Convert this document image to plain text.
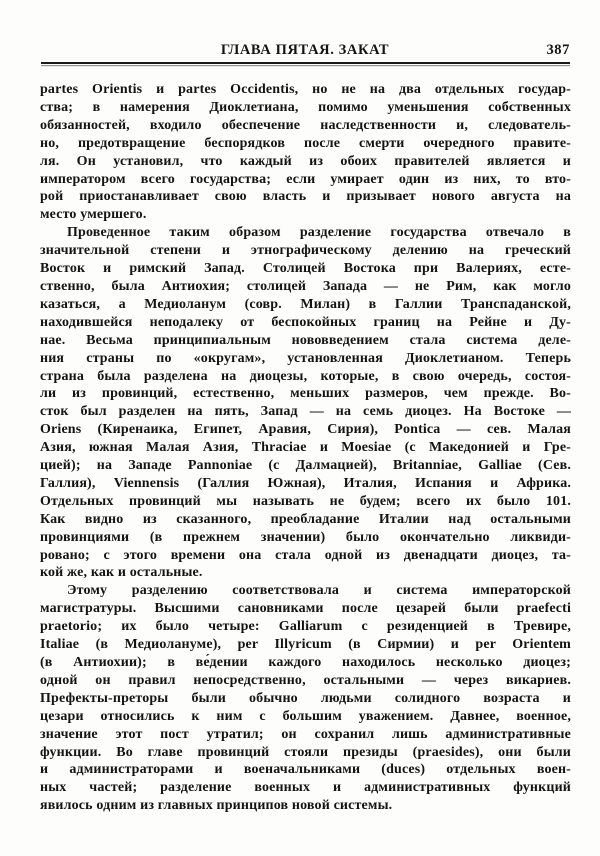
ГЛАВА ПЯТАЯ. ЗАКАТ	387
partes Orientis и partes Occidentis, но не на два отдельных государ-
ства; в намерения Диоклетиана, помимо уменьшения собственных
обязанностей, входило обеспечение наследственности и, следователь-
но, предотвращение беспорядков после смерти очередного правите-
ля. Он установил, что каждый из обоих правителей является и
императором всего государства; если умирает один из них, то вто-
рой приостанавливает свою власть и призывает нового августа на
место умершего.
Проведенное таким образом разделение государства отвечало в
значительной степени и этнографическому делению на греческий
Восток и римский Запад. Столицей Востока при Валериях, есте-
ственно, была Антиохия; столицей Запада — не Рим, как могло
казаться, а Медиоланум (совр. Милан) в Галлии Транспаданской,
находившейся неподалеку от беспокойных границ на Рейне и Ду-
нае. Весьма принципиальным нововведением стала система деле-
ния страны по «округам», установленная Диоклетианом. Теперь
страна была разделена на диоцезы, которые, в свою очередь, состоя-
ли из провинций, естественно, меньших размеров, чем прежде. Во-
сток был разделен на пять, Запад — на семь диоцез. На Востоке —
Oriens (Киренаика, Египет, Аравия, Сирия), Pontica — сев. Малая
Азия, южная Малая Азия, Thraciae и Moesiae (с Македонией и Гре-
цией); на Западе Pannoniae (с Далмацией), Britanniae, Galliae (Сев.
Галлия), Viennensis (Галлия Южная), Италия, Испания и Африка.
Отдельных провинций мы называть не будем; всего их было 101.
Как видно из сказанного, преобладание Италии над остальными
провинциями (в прежнем значении) было окончательно ликвиди-
ровано; с этого времени она стала одной из двенадцати диоцез, та-
кой же, как и остальные.
Этому разделению соответствовала и система императорской
магистратуры. Высшими сановниками после цезарей были praefecti
praetorio; их было четыре: Galliarum с резиденцией в Тревире,
Italiae (в Медиолануме), per Illyricum (в Сирмии) и per Orientem
(в Антиохии); в ве́дении каждого находилось несколько диоцез;
одной он правил непосредственно, остальными — через викариев.
Префекты-преторы были обычно людьми солидного возраста и
цезари относились к ним с большим уважением. Давнее, военное,
значение этот пост утратил; он сохранил лишь административные
функции. Во главе провинций стояли президы (praesides), они были
и администраторами и военачальниками (duces) отдельных воен-
ных частей; разделение военных и административных функций
явилось одним из главных принципов новой системы.
